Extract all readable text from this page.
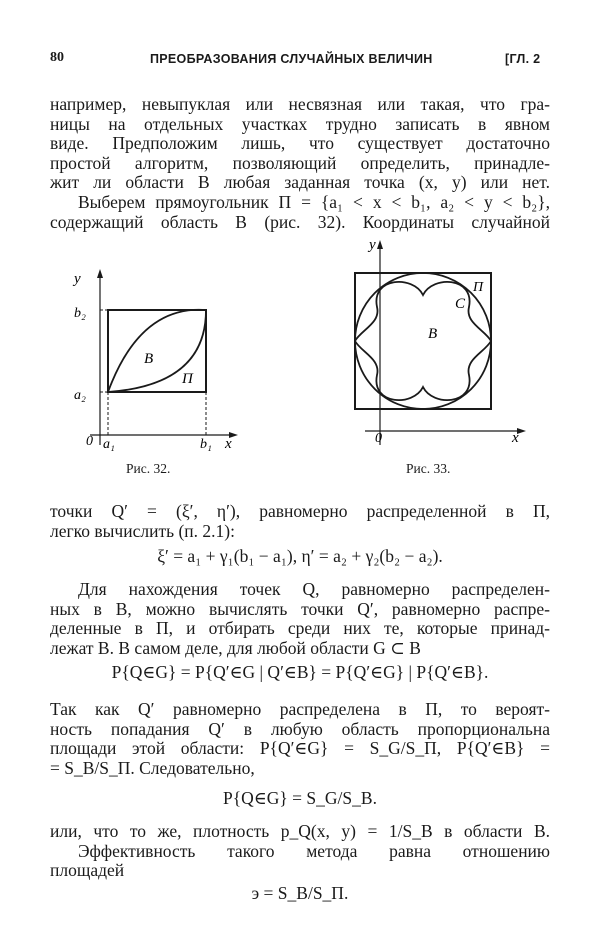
80	ПРЕОБРАЗОВАНИЯ СЛУЧАЙНЫХ ВЕЛИЧИН	[ГЛ. 2
например, невыпуклая или несвязная или такая, что гра-
ницы на отдельных участках трудно записать в явном
виде. Предположим лишь, что существует достаточно
простой алгоритм, позволяющий определить, принадле-
жит ли области B любая заданная точка (x, y) или нет.
Выберем прямоугольник Π = {a₁ < x < b₁, a₂ < y < b₂},
содержащий область B (рис. 32). Координаты случайной
y
b₂
a₂
0 a₁	b₁ x
B
Π
Рис. 32.
y
0	x
B
C
Π
Рис. 33.
точки Q′ = (ξ′, η′), равномерно распределенной в Π,
легко вычислить (п. 2.1):
ξ′ = a₁ + γ₁(b₁ − a₁), η′ = a₂ + γ₂(b₂ − a₂).
Для нахождения точек Q, равномерно распределен-
ных в B, можно вычислять точки Q′, равномерно распре-
деленные в Π, и отбирать среди них те, которые принад-
лежат B. В самом деле, для любой области G ⊂ B
P{Q∈G} = P{Q′∈G | Q′∈B} = P{Q′∈G} | P{Q′∈B}.
Так как Q′ равномерно распределена в Π, то вероят-
ность попадания Q′ в любую область пропорциональна
площади этой области: P{Q′∈G} = S_G/S_Π, P{Q′∈B} =
= S_B/S_Π. Следовательно,
P{Q∈G} = S_G/S_B.
или, что то же, плотность p_Q(x, y) = 1/S_B в области B.
Эффективность такого метода равна отношению
площадей
э = S_B/S_Π.
